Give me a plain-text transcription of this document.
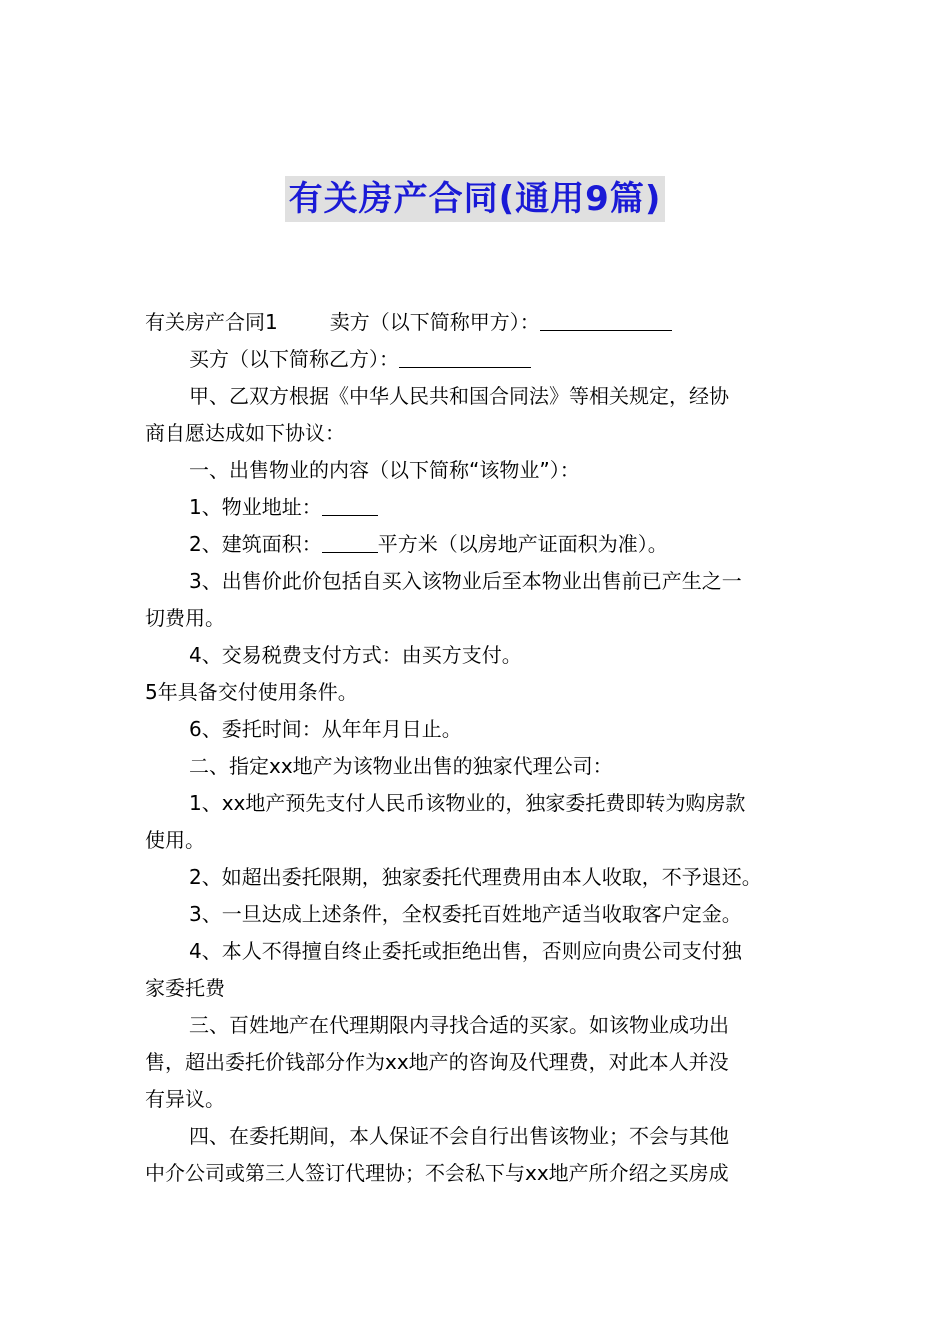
有关房产合同(通用9篇)
有关房产合同1	卖方（以下简称甲方）：
买方（以下简称乙方）：
甲、乙双方根据《中华人民共和国合同法》等相关规定，经协
商自愿达成如下协议：
一、出售物业的内容（以下简称“该物业”）：
1、物业地址：
2、建筑面积：	平方米（以房地产证面积为准）。
3、出售价此价包括自买入该物业后至本物业出售前已产生之一
切费用。
4、交易税费支付方式：由买方支付。
5年具备交付使用条件。
6、委托时间：从年年月日止。
二、指定xx地产为该物业出售的独家代理公司：
1、xx地产预先支付人民币该物业的，独家委托费即转为购房款
使用。
2、如超出委托限期，独家委托代理费用由本人收取，不予退还。
3、一旦达成上述条件，全权委托百姓地产适当收取客户定金。
4、本人不得擅自终止委托或拒绝出售，否则应向贵公司支付独
家委托费
三、百姓地产在代理期限内寻找合适的买家。如该物业成功出
售，超出委托价钱部分作为xx地产的咨询及代理费，对此本人并没
有异议。
四、在委托期间，本人保证不会自行出售该物业；不会与其他
中介公司或第三人签订代理协；不会私下与xx地产所介绍之买房成
